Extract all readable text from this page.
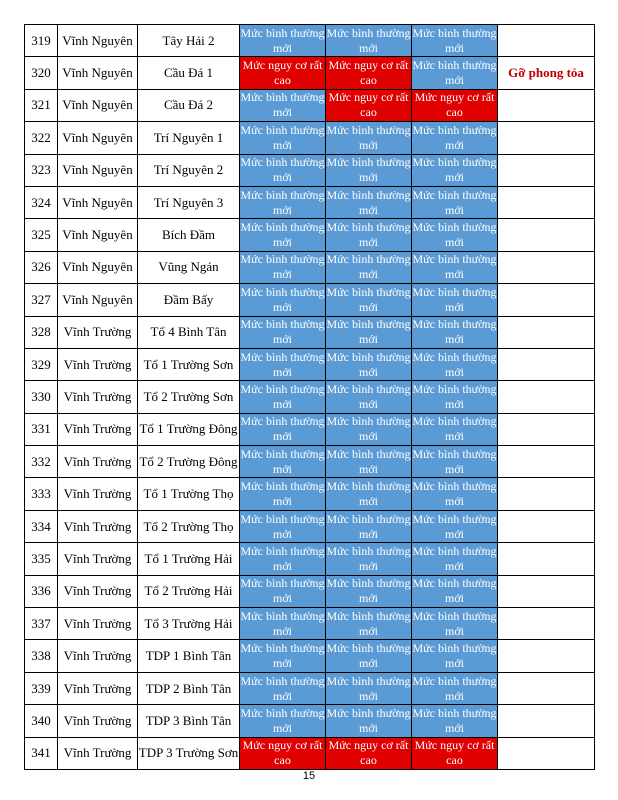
319	Vĩnh Nguyên	Tây Hải 2	Mức bình thường mới	Mức bình thường mới	Mức bình thường mới	
320	Vĩnh Nguyên	Cầu Đá 1	Mức nguy cơ rất cao	Mức nguy cơ rất cao	Mức bình thường mới	Gỡ phong tỏa
321	Vĩnh Nguyên	Cầu Đá 2	Mức bình thường mới	Mức nguy cơ rất cao	Mức nguy cơ rất cao	
322	Vĩnh Nguyên	Trí Nguyên 1	Mức bình thường mới	Mức bình thường mới	Mức bình thường mới	
323	Vĩnh Nguyên	Trí Nguyên 2	Mức bình thường mới	Mức bình thường mới	Mức bình thường mới	
324	Vĩnh Nguyên	Trí Nguyên 3	Mức bình thường mới	Mức bình thường mới	Mức bình thường mới	
325	Vĩnh Nguyên	Bích Đầm	Mức bình thường mới	Mức bình thường mới	Mức bình thường mới	
326	Vĩnh Nguyên	Vũng Ngán	Mức bình thường mới	Mức bình thường mới	Mức bình thường mới	
327	Vĩnh Nguyên	Đầm Bấy	Mức bình thường mới	Mức bình thường mới	Mức bình thường mới	
328	Vĩnh Trường	Tổ 4 Bình Tân	Mức bình thường mới	Mức bình thường mới	Mức bình thường mới	
329	Vĩnh Trường	Tổ 1 Trường Sơn	Mức bình thường mới	Mức bình thường mới	Mức bình thường mới	
330	Vĩnh Trường	Tổ 2 Trường Sơn	Mức bình thường mới	Mức bình thường mới	Mức bình thường mới	
331	Vĩnh Trường	Tổ 1 Trường Đông	Mức bình thường mới	Mức bình thường mới	Mức bình thường mới	
332	Vĩnh Trường	Tổ 2 Trường Đông	Mức bình thường mới	Mức bình thường mới	Mức bình thường mới	
333	Vĩnh Trường	Tổ 1 Trường Thọ	Mức bình thường mới	Mức bình thường mới	Mức bình thường mới	
334	Vĩnh Trường	Tổ 2 Trường Thọ	Mức bình thường mới	Mức bình thường mới	Mức bình thường mới	
335	Vĩnh Trường	Tổ 1 Trường Hải	Mức bình thường mới	Mức bình thường mới	Mức bình thường mới	
336	Vĩnh Trường	Tổ 2 Trường Hải	Mức bình thường mới	Mức bình thường mới	Mức bình thường mới	
337	Vĩnh Trường	Tổ 3 Trường Hải	Mức bình thường mới	Mức bình thường mới	Mức bình thường mới	
338	Vĩnh Trường	TDP 1 Bình Tân	Mức bình thường mới	Mức bình thường mới	Mức bình thường mới	
339	Vĩnh Trường	TDP 2 Bình Tân	Mức bình thường mới	Mức bình thường mới	Mức bình thường mới	
340	Vĩnh Trường	TDP 3 Bình Tân	Mức bình thường mới	Mức bình thường mới	Mức bình thường mới	
341	Vĩnh Trường	TDP 3 Trường Sơn	Mức nguy cơ rất cao	Mức nguy cơ rất cao	Mức nguy cơ rất cao	
15
